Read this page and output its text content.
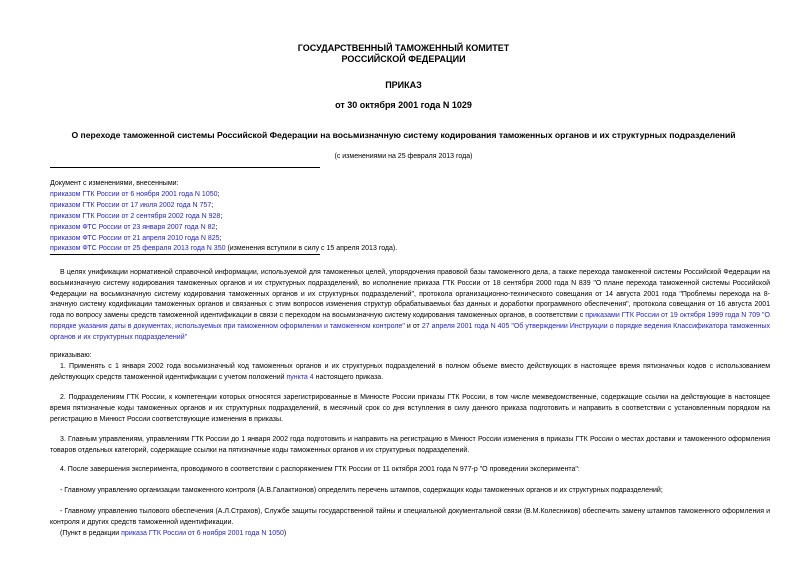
ГОСУДАРСТВЕННЫЙ ТАМОЖЕННЫЙ КОМИТЕТ
РОССИЙСКОЙ ФЕДЕРАЦИИ
ПРИКАЗ
от 30 октября 2001 года N 1029
О переходе таможенной системы Российской Федерации на восьмизначную систему кодирования таможенных органов и их структурных подразделений
(с изменениями на 25 февраля 2013 года)
Документ с изменениями, внесенными:
приказом ГТК России от 6 ноября 2001 года N 1050;
приказом ГТК России от 17 июля 2002 года N 757;
приказом ГТК России от 2 сентября 2002 года N 928;
приказом ФТС России от 23 января 2007 года N 82;
приказом ФТС России от 21 апреля 2010 года N 825;
приказом ФТС России от 25 февраля 2013 года N 350 (изменения вступили в силу с 15 апреля 2013 года).
В целях унификации нормативной справочной информации, используемой для таможенных целей, упорядочения правовой базы таможенного дела, а также перехода таможенной системы Российской Федерации на восьмизначную систему кодирования таможенных органов и их структурных подразделений, во исполнение приказа ГТК России от 18 сентября 2000 года N 839 "О плане перехода таможенной системы Российской Федерации на восьмизначную систему кодирования таможенных органов и их структурных подразделений", протокола организационно-технического совещания от 14 августа 2001 года "Проблемы перехода на 8-значную систему кодификации таможенных органов и связанных с этим вопросов изменения структур обрабатываемых баз данных и доработки программного обеспечения", протокола совещания от 16 августа 2001 года по вопросу замены средств таможенной идентификации в связи с переходом на восьмизначную систему кодирования таможенных органов, в соответствии с приказами ГТК России от 19 октября 1999 года N 709 "О порядке указания даты в документах, используемых при таможенном оформлении и таможенном контроле" и от 27 апреля 2001 года N 405 "Об утверждении Инструкции о порядке ведения Классификатора таможенных органов и их структурных подразделений"
приказываю:
1. Применять с 1 января 2002 года восьмизначный код таможенных органов и их структурных подразделений в полном объеме вместо действующих в настоящее время пятизначных кодов с использованием действующих средств таможенной идентификации с учетом положений пункта 4 настоящего приказа.
2. Подразделениям ГТК России, к компетенции которых относятся зарегистрированные в Минюсте России приказы ГТК России, в том числе межведомственные, содержащие ссылки на действующие в настоящее время пятизначные коды таможенных органов и их структурных подразделений, в месячный срок со дня вступления в силу данного приказа подготовить и направить в соответствии с установленным порядком на регистрацию в Минюст России соответствующие изменения в приказы.
3. Главным управлениям, управлениям ГТК России до 1 января 2002 года подготовить и направить на регистрацию в Минюст России изменения в приказы ГТК России о местах доставки и таможенного оформления товаров отдельных категорий, содержащие ссылки на пятизначные коды таможенных органов и их структурных подразделений.
4. После завершения эксперимента, проводимого в соответствии с распоряжением ГТК России от 11 октября 2001 года N 977-р "О проведении эксперимента":
- Главному управлению организации таможенного контроля (А.В.Галактионов) определить перечень штампов, содержащих коды таможенных органов и их структурных подразделений;
- Главному управлению тылового обеспечения (А.Л.Страхов), Службе защиты государственной тайны и специальной документальной связи (В.М.Колесников) обеспечить замену штампов таможенного оформления и контроля и других средств таможенной идентификации.
(Пункт в редакции приказа ГТК России от 6 ноября 2001 года N 1050)
